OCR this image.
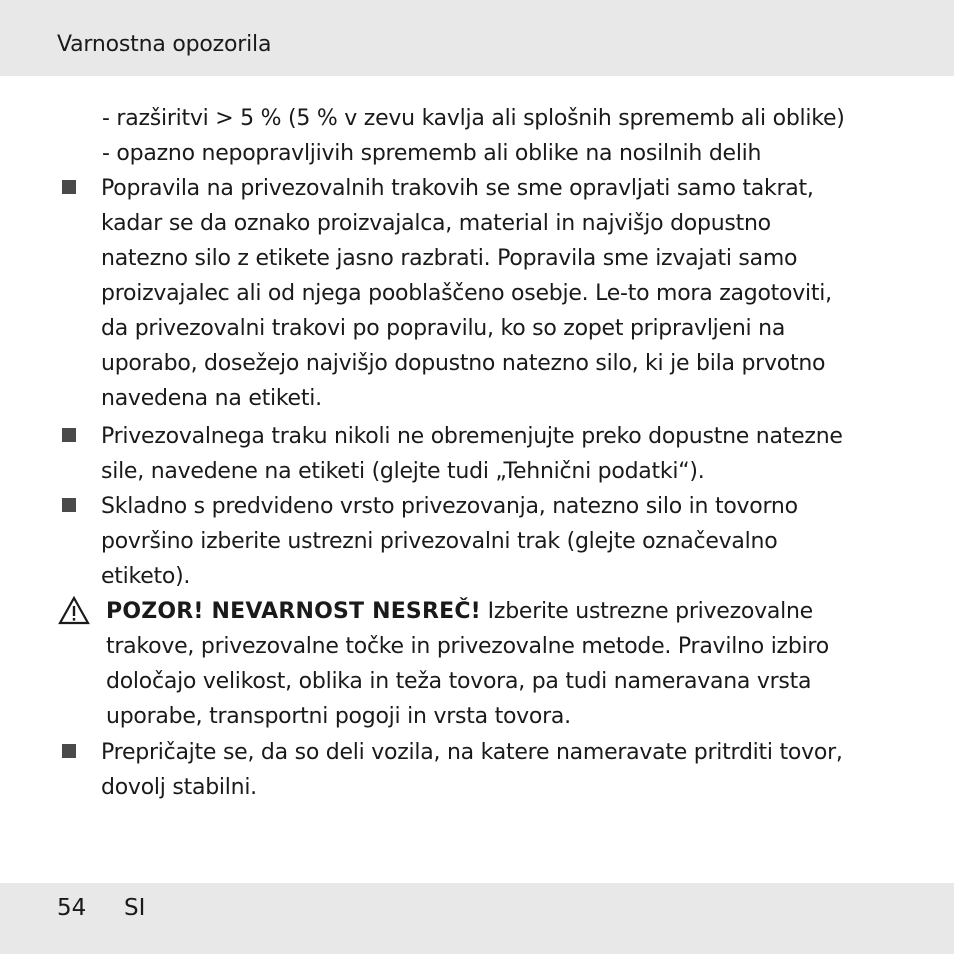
Varnostna opozorila
- razširitvi > 5 % (5 % v zevu kavlja ali splošnih sprememb ali oblike)
- opazno nepopravljivih sprememb ali oblike na nosilnih delih
Popravila na privezovalnih trakovih se sme opravljati samo takrat,
kadar se da oznako proizvajalca, material in najvišjo dopustno
natezno silo z etikete jasno razbrati. Popravila sme izvajati samo
proizvajalec ali od njega pooblaščeno osebje. Le-to mora zagotoviti,
da privezovalni trakovi po popravilu, ko so zopet pripravljeni na
uporabo, dosežejo najvišjo dopustno natezno silo, ki je bila prvotno
navedena na etiketi.
Privezovalnega traku nikoli ne obremenjujte preko dopustne natezne
sile, navedene na etiketi (glejte tudi „Tehnični podatki“).
Skladno s predvideno vrsto privezovanja, natezno silo in tovorno
površino izberite ustrezni privezovalni trak (glejte označevalno
etiketo).
POZOR! NEVARNOST NESREČ! Izberite ustrezne privezovalne
trakove, privezovalne točke in privezovalne metode. Pravilno izbiro
določajo velikost, oblika in teža tovora, pa tudi nameravana vrsta
uporabe, transportni pogoji in vrsta tovora.
Prepričajte se, da so deli vozila, na katere nameravate pritrditi tovor,
dovolj stabilni.
54 SI
